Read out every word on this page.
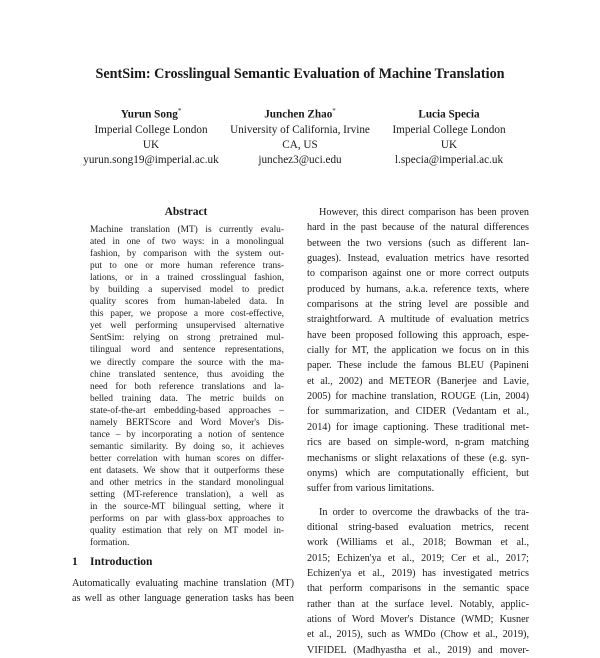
SentSim: Crosslingual Semantic Evaluation of Machine Translation
Yurun Song*
Imperial College London
UK
yurun.song19@imperial.ac.uk
Junchen Zhao*
University of California, Irvine
CA, US
junchez3@uci.edu
Lucia Specia
Imperial College London
UK
l.specia@imperial.ac.uk
Abstract
Machine translation (MT) is currently evalu-
ated in one of two ways: in a monolingual
fashion, by comparison with the system out-
put to one or more human reference trans-
lations, or in a trained crosslingual fashion,
by building a supervised model to predict
quality scores from human-labeled data. In
this paper, we propose a more cost-effective,
yet well performing unsupervised alternative
SentSim: relying on strong pretrained mul-
tilingual word and sentence representations,
we directly compare the source with the ma-
chine translated sentence, thus avoiding the
need for both reference translations and la-
belled training data. The metric builds on
state-of-the-art embedding-based approaches –
namely BERTScore and Word Mover's Dis-
tance – by incorporating a notion of sentence
semantic similarity. By doing so, it achieves
better correlation with human scores on differ-
ent datasets. We show that it outperforms these
and other metrics in the standard monolingual
setting (MT-reference translation), a well as
in the source-MT bilingual setting, where it
performs on par with glass-box approaches to
quality estimation that rely on MT model in-
formation.
1 Introduction
Automatically evaluating machine translation (MT)
as well as other language generation tasks has been
However, this direct comparison has been proven
hard in the past because of the natural differences
between the two versions (such as different lan-
guages). Instead, evaluation metrics have resorted
to comparison against one or more correct outputs
produced by humans, a.k.a. reference texts, where
comparisons at the string level are possible and
straightforward. A multitude of evaluation metrics
have been proposed following this approach, espe-
cially for MT, the application we focus on in this
paper. These include the famous BLEU (Papineni
et al., 2002) and METEOR (Banerjee and Lavie,
2005) for machine translation, ROUGE (Lin, 2004)
for summarization, and CIDER (Vedantam et al.,
2014) for image captioning. These traditional met-
rics are based on simple-word, n-gram matching
mechanisms or slight relaxations of these (e.g. syn-
onyms) which are computationally efficient, but
suffer from various limitations.
In order to overcome the drawbacks of the tra-
ditional string-based evaluation metrics, recent
work (Williams et al., 2018; Bowman et al.,
2015; Echizen'ya et al., 2019; Cer et al., 2017;
Echizen'ya et al., 2019) has investigated metrics
that perform comparisons in the semantic space
rather than at the surface level. Notably, applic-
ations of Word Mover's Distance (WMD; Kusner
et al., 2015), such as WMDo (Chow et al., 2019),
VIFIDEL (Madhyastha et al., 2019) and mover-
